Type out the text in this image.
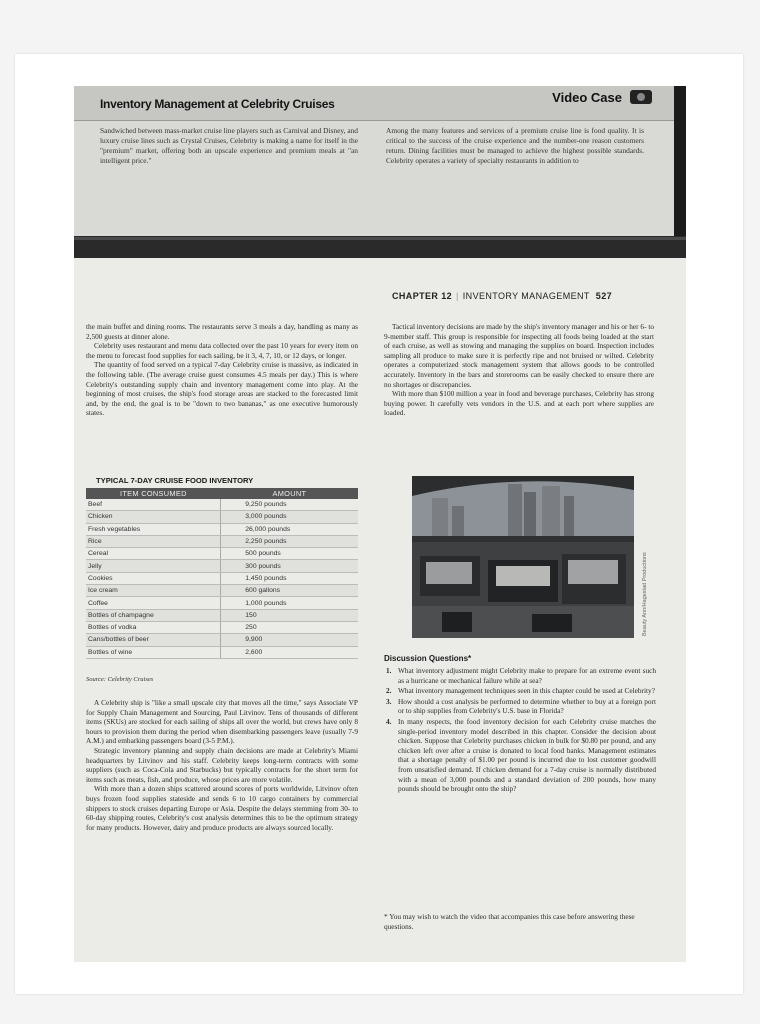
Inventory Management at Celebrity Cruises	Video Case
Sandwiched between mass-market cruise line players such as Carnival and Disney, and luxury cruise lines such as Crystal Cruises, Celebrity is making a name for itself in the "premium" market, offering both an upscale experience and premium meals at "an intelligent price."
Among the many features and services of a premium cruise line is food quality. It is critical to the success of the cruise experience and the number-one reason customers return. Dining facilities must be managed to achieve the highest possible standards. Celebrity operates a variety of specialty restaurants in addition to
CHAPTER 12 | INVENTORY MANAGEMENT 527

the main buffet and dining rooms. The restaurants serve 3 meals a day, handling as many as 2,500 guests at dinner alone.

Celebrity uses restaurant and menu data collected over the past 10 years for every item on the menu to forecast food supplies for each sailing, be it 3, 4, 7, 10, or 12 days, or longer.

The quantity of food served on a typical 7-day Celebrity cruise is massive, as indicated in the following table. (The average cruise guest consumes 4.5 meals per day.) This is where Celebrity's outstanding supply chain and inventory management come into play. At the beginning of most cruises, the ship's food storage areas are stacked to the forecasted limit and, by the end, the goal is to be "down to two bananas," as one executive humorously states.

TYPICAL 7-DAY CRUISE FOOD INVENTORY
ITEM CONSUMED	AMOUNT
Beef	9,250 pounds
Chicken	3,000 pounds
Fresh vegetables	26,000 pounds
Rice	2,250 pounds
Cereal	500 pounds
Jelly	300 pounds
Cookies	1,450 pounds
Ice cream	600 gallons
Coffee	1,000 pounds
Bottles of champagne	150
Bottles of vodka	250
Cans/bottles of beer	9,900
Bottles of wine	2,600
Source: Celebrity Cruises

A Celebrity ship is "like a small upscale city that moves all the time," says Associate VP for Supply Chain Management and Sourcing, Paul Litvinov. Tens of thousands of different items (SKUs) are stocked for each sailing of ships all over the world, but crews have only 8 hours to provision them during the period when disembarking passengers leave (usually 7-9 A.M.) and embarking passengers board (3-5 P.M.).

Strategic inventory planning and supply chain decisions are made at Celebrity's Miami headquarters by Litvinov and his staff. Celebrity keeps long-term contracts with some suppliers (such as Coca-Cola and Starbucks) but typically contracts for the short term for items such as meats, fish, and produce, whose prices are more volatile.

With more than a dozen ships scattered around scores of ports worldwide, Litvinov often buys frozen food supplies stateside and sends 6 to 10 cargo containers by commercial shippers to stock cruises departing Europe or Asia. Despite the delays stemming from 30- to 60-day shipping routes, Celebrity's cost analysis determines this to be the optimum strategy for many products. However, dairy and produce products are always sourced locally.

Tactical inventory decisions are made by the ship's inventory manager and his or her 6- to 9-member staff. This group is responsible for inspecting all foods being loaded at the start of each cruise, as well as stowing and managing the supplies on board. Inspection includes sampling all produce to make sure it is perfectly ripe and not bruised or wilted. Celebrity operates a computerized stock management system that allows goods to be controlled accurately. Inventory in the bars and storerooms can be easily checked to ensure there are no shortages or discrepancies.

With more than $100 million a year in food and beverage purchases, Celebrity has strong buying power. It carefully vets vendors in the U.S. and at each port where supplies are loaded.

Beauty Ann/Hagestad Productions
Discussion Questions*
1. What inventory adjustment might Celebrity make to prepare for an extreme event such as a hurricane or mechanical failure while at sea?
2. What inventory management techniques seen in this chapter could be used at Celebrity?
3. How should a cost analysis be performed to determine whether to buy at a foreign port or to ship supplies from Celebrity's U.S. base in Florida?
4. In many respects, the food inventory decision for each Celebrity cruise matches the single-period inventory model described in this chapter. Consider the decision about chicken. Suppose that Celebrity purchases chicken in bulk for $0.80 per pound, and any chicken left over after a cruise is donated to local food banks. Management estimates that a shortage penalty of $1.00 per pound is incurred due to lost customer goodwill from unsatisfied demand. If chicken demand for a 7-day cruise is normally distributed with a mean of 3,000 pounds and a standard deviation of 200 pounds, how many pounds should be brought onto the ship?
* You may wish to watch the video that accompanies this case before answering these questions.
